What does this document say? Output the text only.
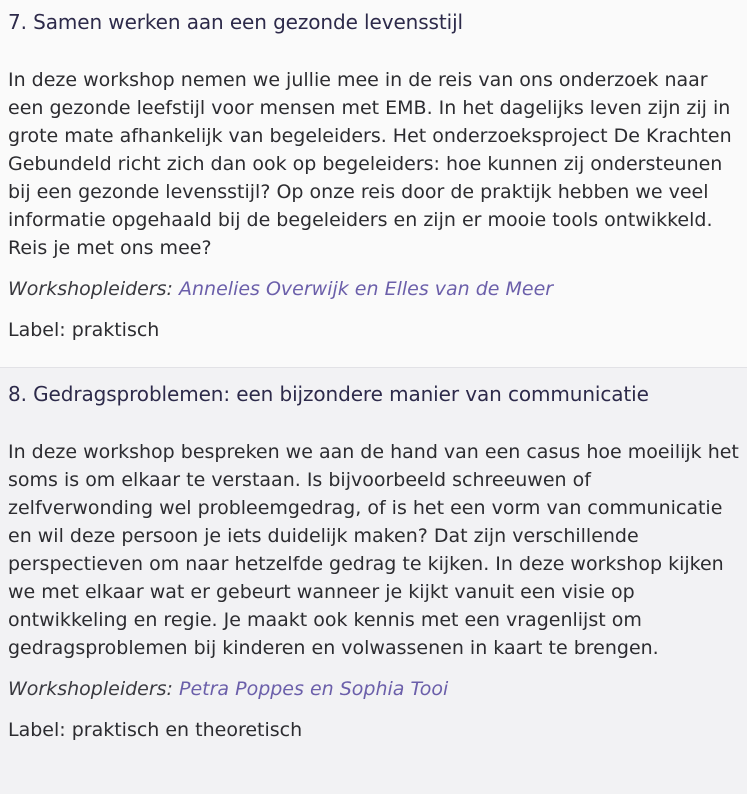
7. Samen werken aan een gezonde levensstijl

In deze workshop nemen we jullie mee in de reis van ons onderzoek naar een gezonde leefstijl voor mensen met EMB. In het dagelijks leven zijn zij in grote mate afhankelijk van begeleiders. Het onderzoeksproject De Krachten Gebundeld richt zich dan ook op begeleiders: hoe kunnen zij ondersteunen bij een gezonde levensstijl? Op onze reis door de praktijk hebben we veel informatie opgehaald bij de begeleiders en zijn er mooie tools ontwikkeld. Reis je met ons mee?

Workshopleiders: Annelies Overwijk en Elles van de Meer

Label: praktisch

8. Gedragsproblemen: een bijzondere manier van communicatie

In deze workshop bespreken we aan de hand van een casus hoe moeilijk het soms is om elkaar te verstaan. Is bijvoorbeeld schreeuwen of zelfverwonding wel probleemgedrag, of is het een vorm van communicatie en wil deze persoon je iets duidelijk maken? Dat zijn verschillende perspectieven om naar hetzelfde gedrag te kijken. In deze workshop kijken we met elkaar wat er gebeurt wanneer je kijkt vanuit een visie op ontwikkeling en regie. Je maakt ook kennis met een vragenlijst om gedragsproblemen bij kinderen en volwassenen in kaart te brengen.

Workshopleiders: Petra Poppes en Sophia Tooi

Label: praktisch en theoretisch
